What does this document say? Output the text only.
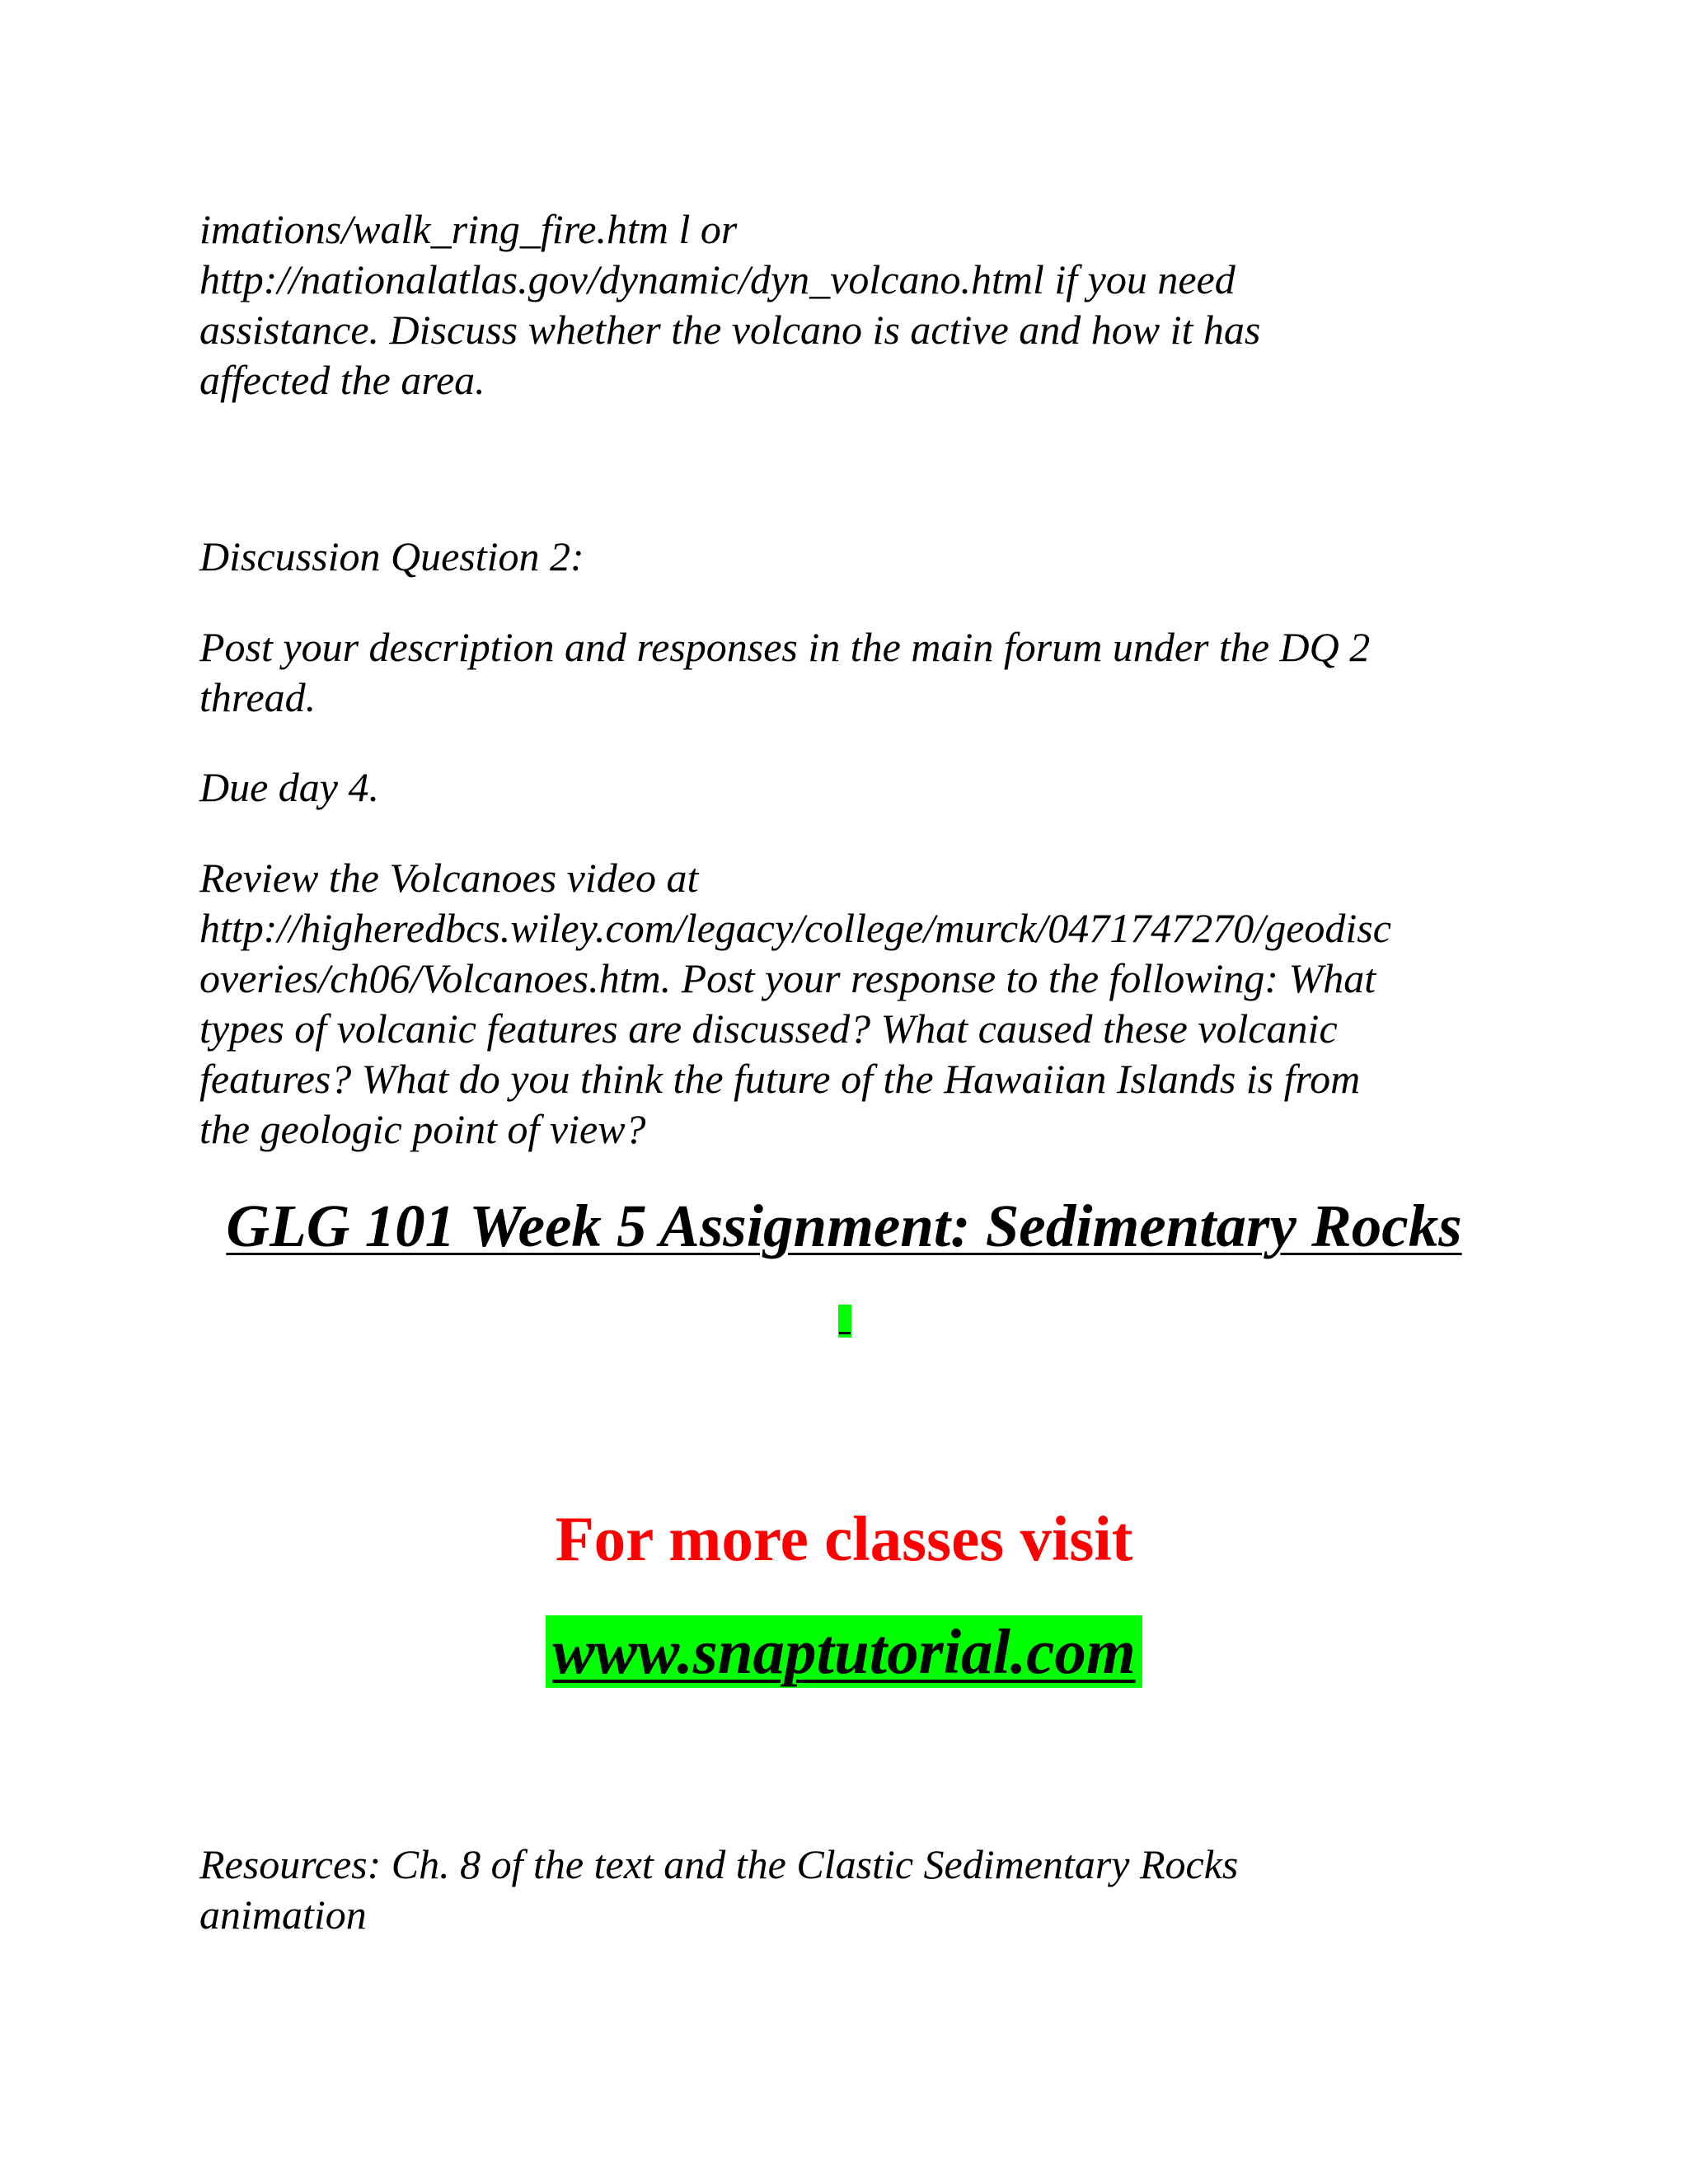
imations/walk_ring_fire.htm l or
http://nationalatlas.gov/dynamic/dyn_volcano.html if you need
assistance. Discuss whether the volcano is active and how it has
affected the area.

Discussion Question 2:

Post your description and responses in the main forum under the DQ 2
thread.

Due day 4.

Review the Volcanoes video at
http://higheredbcs.wiley.com/legacy/college/murck/0471747270/geodisc
overies/ch06/Volcanoes.htm. Post your response to the following: What
types of volcanic features are discussed? What caused these volcanic
features? What do you think the future of the Hawaiian Islands is from
the geologic point of view?

GLG 101 Week 5 Assignment: Sedimentary Rocks

For more classes visit

www.snaptutorial.com

Resources: Ch. 8 of the text and the Clastic Sedimentary Rocks
animation
